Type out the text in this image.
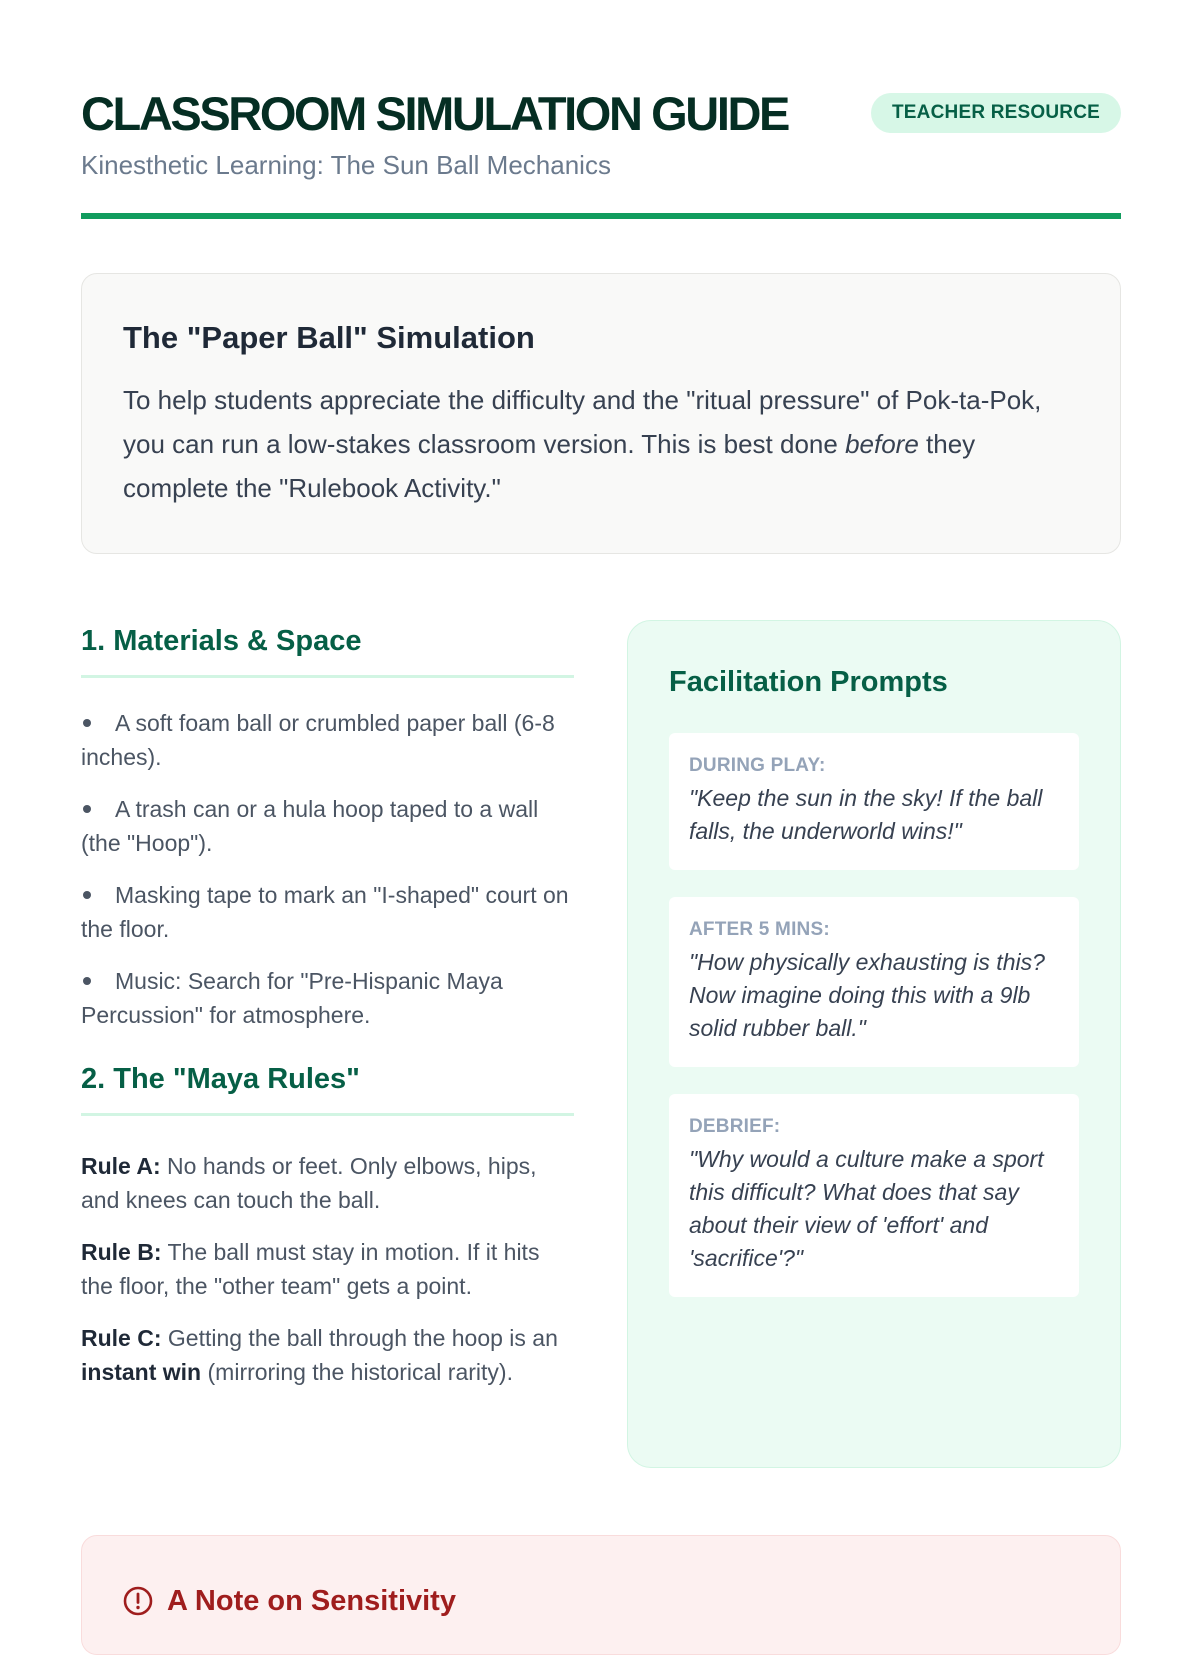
CLASSROOM SIMULATION GUIDE	TEACHER RESOURCE
Kinesthetic Learning: The Sun Ball Mechanics
The "Paper Ball" Simulation

To help students appreciate the difficulty and the "ritual pressure" of Pok-ta-Pok, you can run a low-stakes classroom version. This is best done before they complete the "Rulebook Activity."

1. Materials & Space
A soft foam ball or crumbled paper ball (6-8 inches).
A trash can or a hula hoop taped to a wall (the "Hoop").
Masking tape to mark an "I-shaped" court on the floor.
Music: Search for "Pre-Hispanic Maya Percussion" for atmosphere.
2. The "Maya Rules"

Rule A: No hands or feet. Only elbows, hips, and knees can touch the ball.

Rule B: The ball must stay in motion. If it hits the floor, the "other team" gets a point.

Rule C: Getting the ball through the hoop is an instant win (mirroring the historical rarity).

Facilitation Prompts
DURING PLAY:
"Keep the sun in the sky! If the ball falls, the underworld wins!"
AFTER 5 MINS:
"How physically exhausting is this? Now imagine doing this with a 9lb solid rubber ball."
DEBRIEF:
"Why would a culture make a sport this difficult? What does that say about their view of 'effort' and 'sacrifice'?"
A Note on Sensitivity
